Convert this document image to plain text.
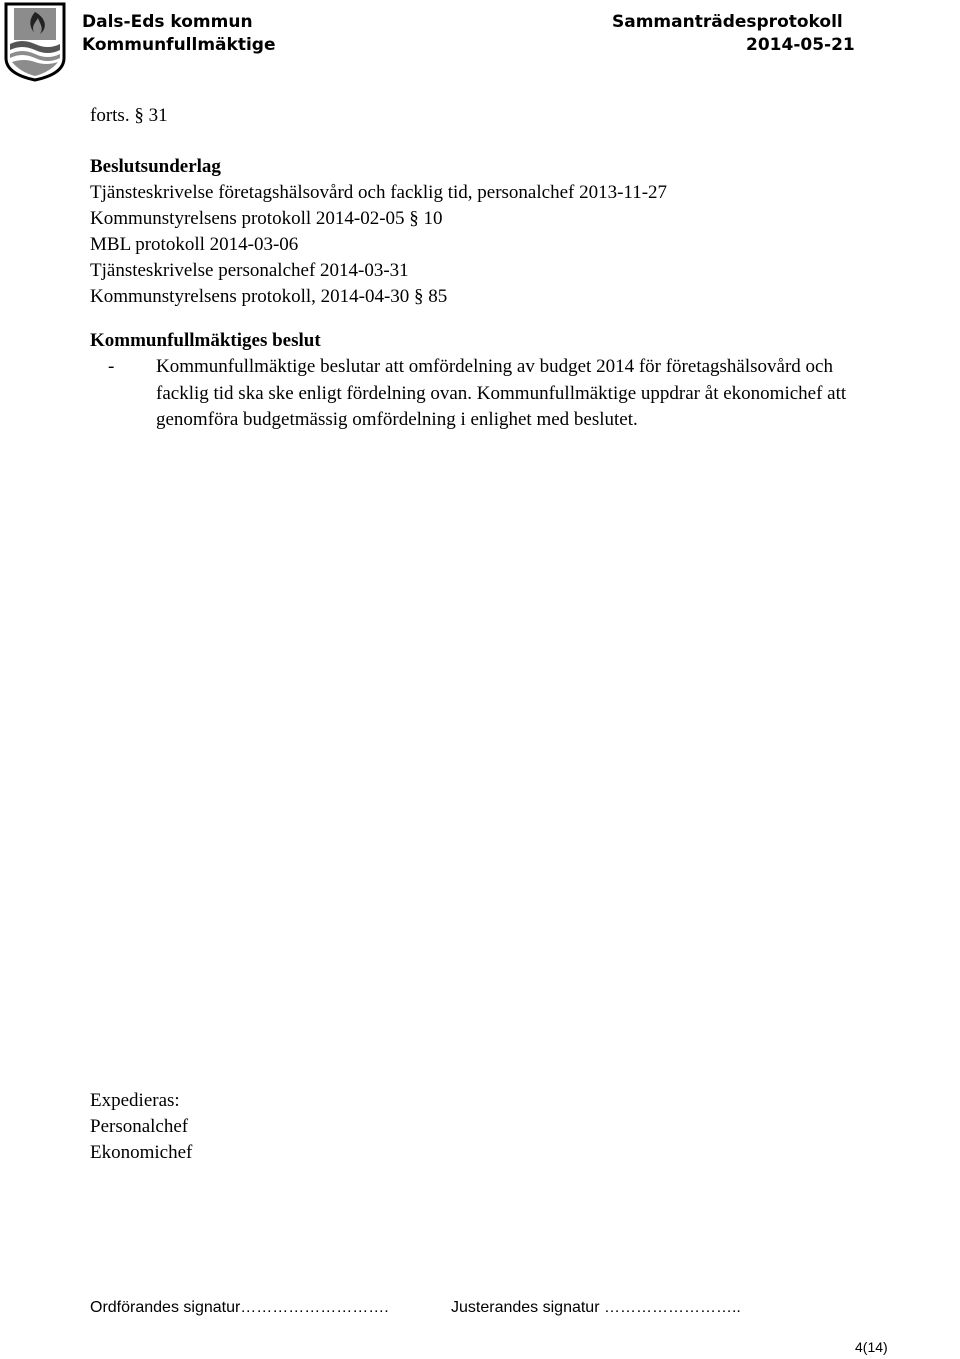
Dals-Eds kommun
Kommunfullmäktige
Sammanträdesprotokoll
2014-05-21
forts. § 31
Beslutsunderlag
Tjänsteskrivelse företagshälsovård och facklig tid, personalchef 2013-11-27
Kommunstyrelsens protokoll 2014-02-05 § 10
MBL protokoll 2014-03-06
Tjänsteskrivelse personalchef 2014-03-31
Kommunstyrelsens protokoll, 2014-04-30 § 85
Kommunfullmäktiges beslut
- Kommunfullmäktige beslutar att omfördelning av budget 2014 för företagshälsovård och
facklig tid ska ske enligt fördelning ovan. Kommunfullmäktige uppdrar åt ekonomichef att
genomföra budgetmässig omfördelning i enlighet med beslutet.
Expedieras:
Personalchef
Ekonomichef
Ordförandes signatur……………………….	Justerandes signatur ……………………..
4(14)
